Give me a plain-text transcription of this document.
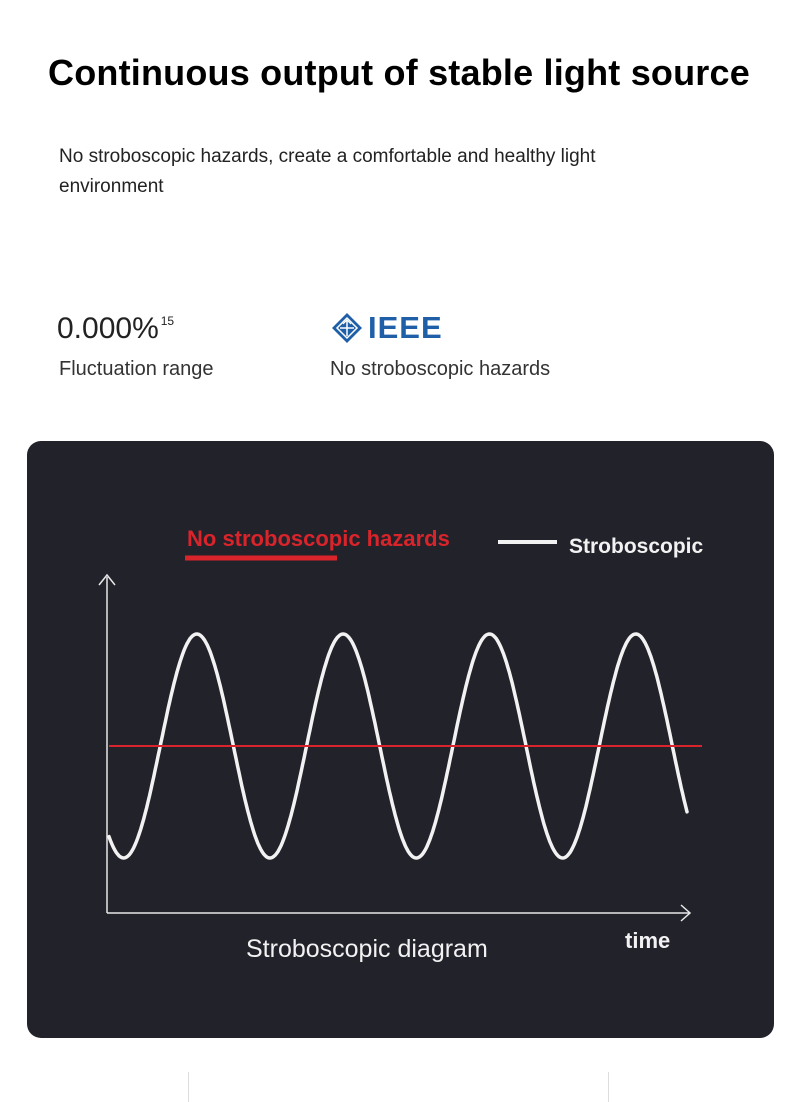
Continuous output of stable light source
No stroboscopic hazards, create a comfortable and healthy light environment
0.000% $^{15}$
Fluctuation range
IEEE
No stroboscopic hazards
No stroboscopic hazards	Stroboscopic
time
Stroboscopic diagram
